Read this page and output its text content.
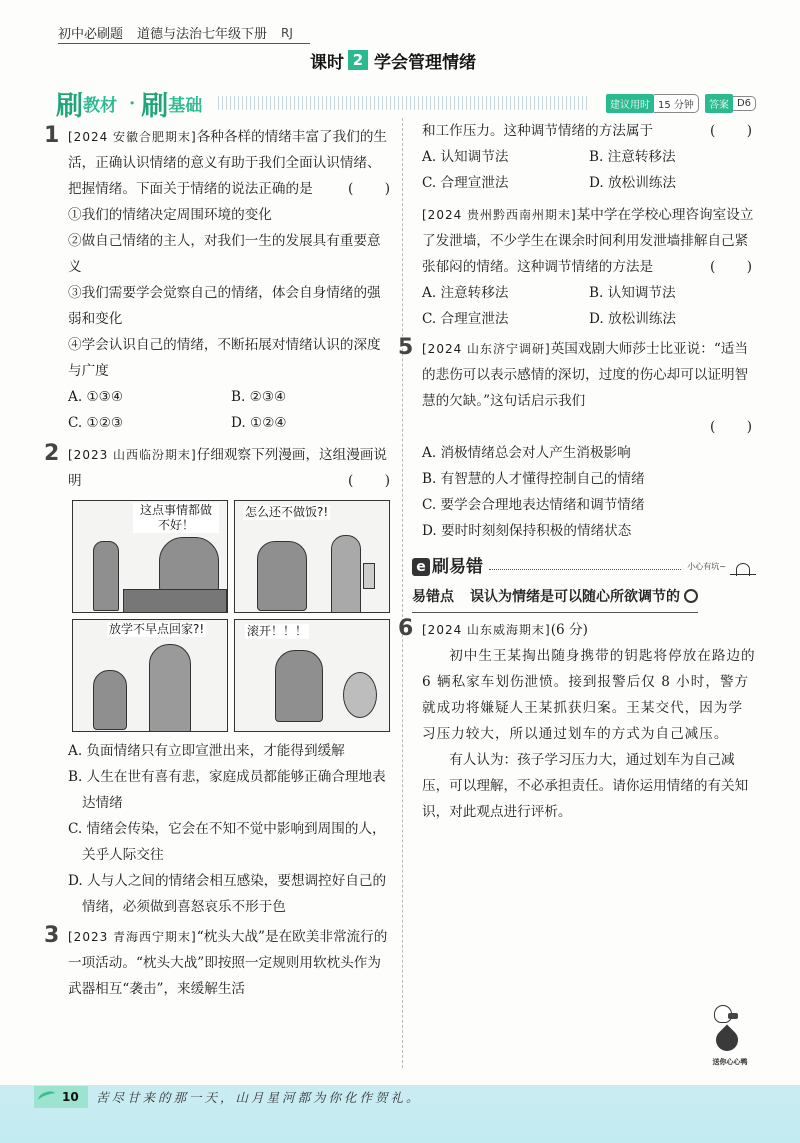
初中必刷题 道德与法治七年级下册 RJ
课时 2 学会管理情绪
刷 教材 · 刷 基础	建议用时 15 分钟	答案 D6
1 [2024 安徽合肥期末]各种各样的情绪丰富了我们的生活，正确认识情绪的意义有助于我们全面认识情绪、把握情绪。下面关于情绪的说法正确的是	( )
①我们的情绪决定周围环境的变化
②做自己情绪的主人，对我们一生的发展具有重要意义
③我们需要学会觉察自己的情绪，体会自身情绪的强弱和变化
④学会认识自己的情绪，不断拓展对情绪认识的深度与广度
A. ①③④	B. ②③④
C. ①②③	D. ①②④
2 [2023 山西临汾期末]仔细观察下列漫画，这组漫画说明	( )
这点事情都做不好！
怎么还不做饭?!
放学不早点回家?!	滚开！！！
A. 负面情绪只有立即宣泄出来，才能得到缓解
B. 人生在世有喜有悲，家庭成员都能够正确合理地表达情绪
C. 情绪会传染，它会在不知不觉中影响到周围的人，关乎人际交往
D. 人与人之间的情绪会相互感染，要想调控好自己的情绪，必须做到喜怒哀乐不形于色
3 [2023 青海西宁期末]“枕头大战”是在欧美非常流行的一项活动。“枕头大战”即按照一定规则用软枕头作为武器相互“袭击”，来缓解生活
和工作压力。这种调节情绪的方法属于	( )
A. 认知调节法	B. 注意转移法
C. 合理宣泄法	D. 放松训练法
[2024 贵州黔西南州期末]某中学在学校心理咨询室设立了发泄墙，不少学生在课余时间利用发泄墙排解自己紧张郁闷的情绪。这种调节情绪的方法是	( )
A. 注意转移法	B. 认知调节法
C. 合理宣泄法	D. 放松训练法
5 [2024 山东济宁调研]英国戏剧大师莎士比亚说：“适当的悲伤可以表示感情的深切，过度的伤心却可以证明智慧的欠缺。”这句话启示我们
( )
A. 消极情绪总会对人产生消极影响
B. 有智慧的人才懂得控制自己的情绪
C. 要学会合理地表达情绪和调节情绪
D. 要时时刻刻保持积极的情绪状态
e 刷易错	小心有坑~
易错点 误认为情绪是可以随心所欲调节的
6 [2024 山东威海期末](6 分)
初中生王某掏出随身携带的钥匙将停放在路边的 6 辆私家车划伤泄愤。接到报警后仅 8 小时，警方就成功将嫌疑人王某抓获归案。王某交代，因为学习压力较大，所以通过划车的方式为自己减压。
有人认为：孩子学习压力大，通过划车为自己减压，可以理解，不必承担责任。请你运用情绪的有关知识，对此观点进行评析。
送你心心鸭
10 苦尽甘来的那一天，山月星河都为你化作贺礼。
